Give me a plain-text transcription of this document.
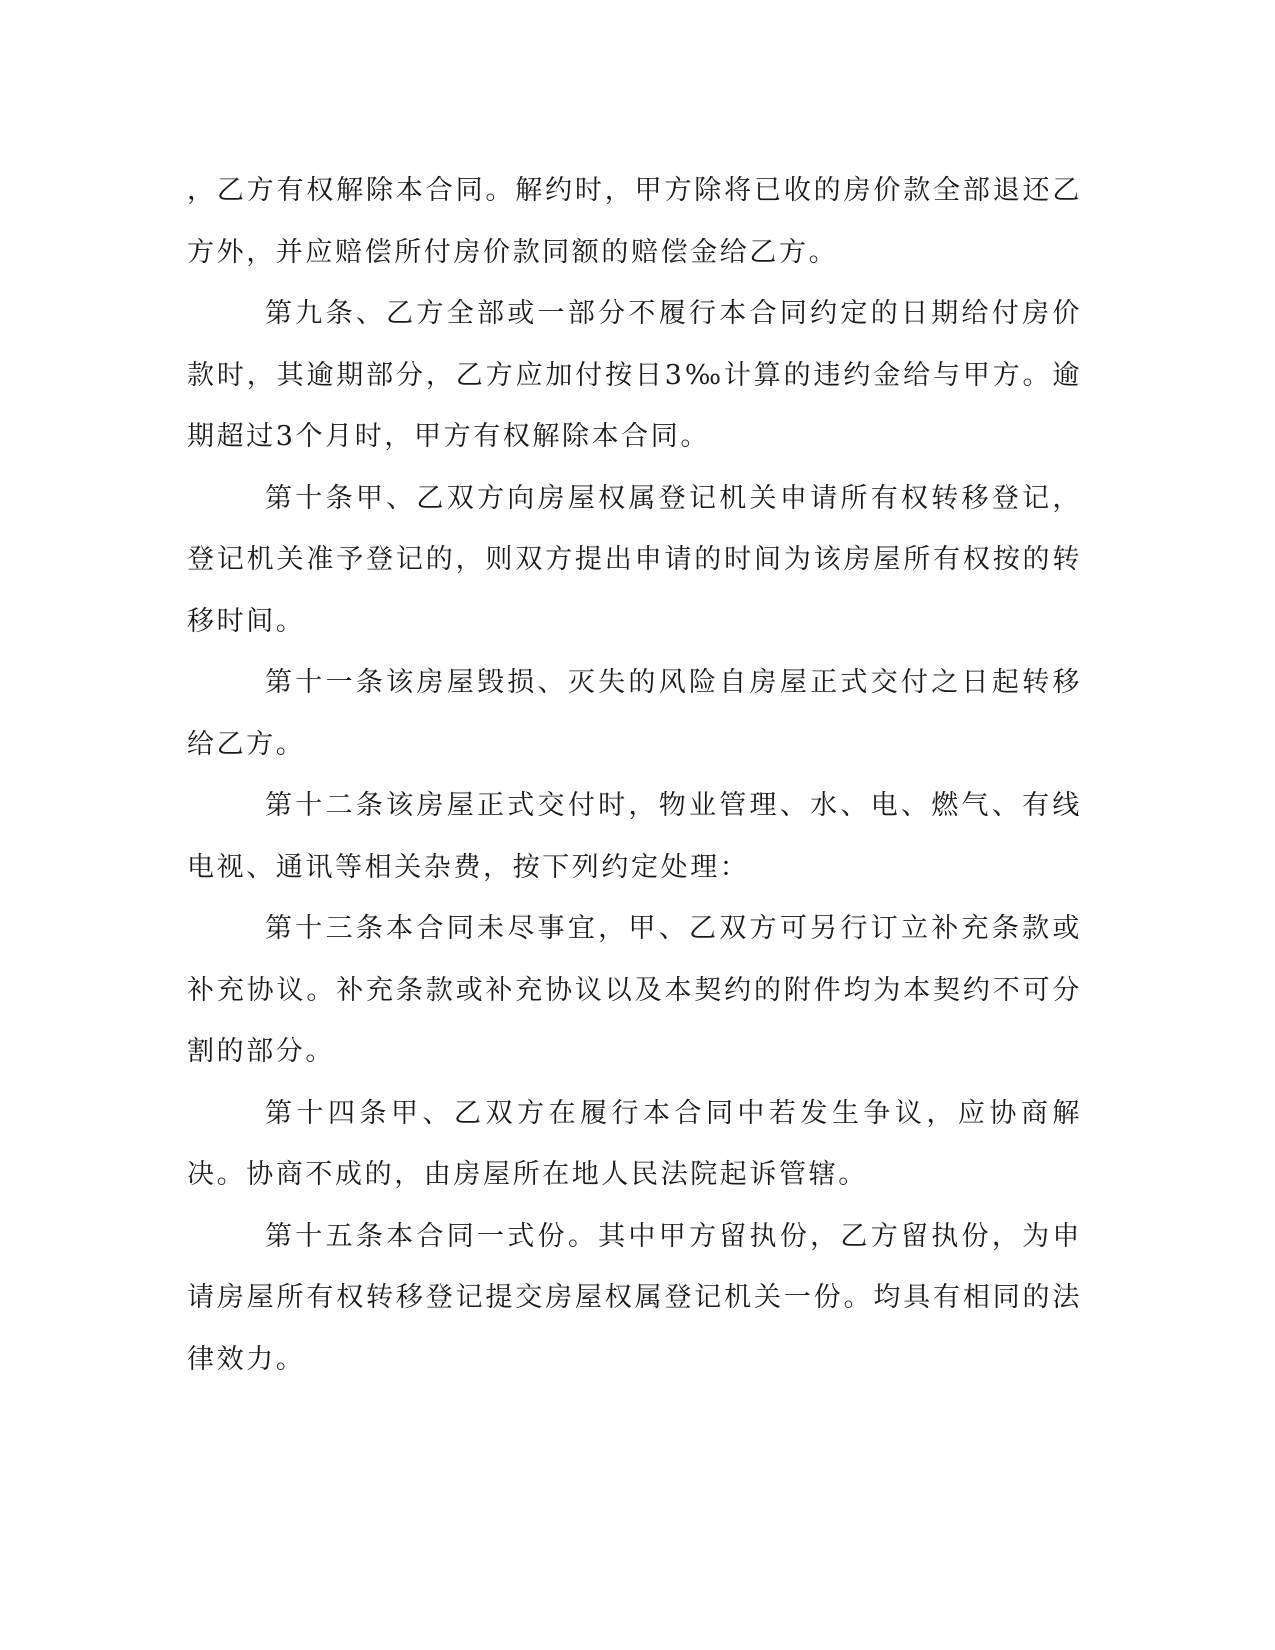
，乙方有权解除本合同。解约时，甲方除将已收的房价款全部退还乙方外，并应赔偿所付房价款同额的赔偿金给乙方。

第九条、乙方全部或一部分不履行本合同约定的日期给付房价款时，其逾期部分，乙方应加付按日3‰计算的违约金给与甲方。逾期超过3个月时，甲方有权解除本合同。

第十条甲、乙双方向房屋权属登记机关申请所有权转移登记，登记机关准予登记的，则双方提出申请的时间为该房屋所有权按的转移时间。

第十一条该房屋毁损、灭失的风险自房屋正式交付之日起转移给乙方。

第十二条该房屋正式交付时，物业管理、水、电、燃气、有线电视、通讯等相关杂费，按下列约定处理：

第十三条本合同未尽事宜，甲、乙双方可另行订立补充条款或补充协议。补充条款或补充协议以及本契约的附件均为本契约不可分割的部分。

第十四条甲、乙双方在履行本合同中若发生争议，应协商解决。协商不成的，由房屋所在地人民法院起诉管辖。

第十五条本合同一式份。其中甲方留执份，乙方留执份，为申请房屋所有权转移登记提交房屋权属登记机关一份。均具有相同的法律效力。
